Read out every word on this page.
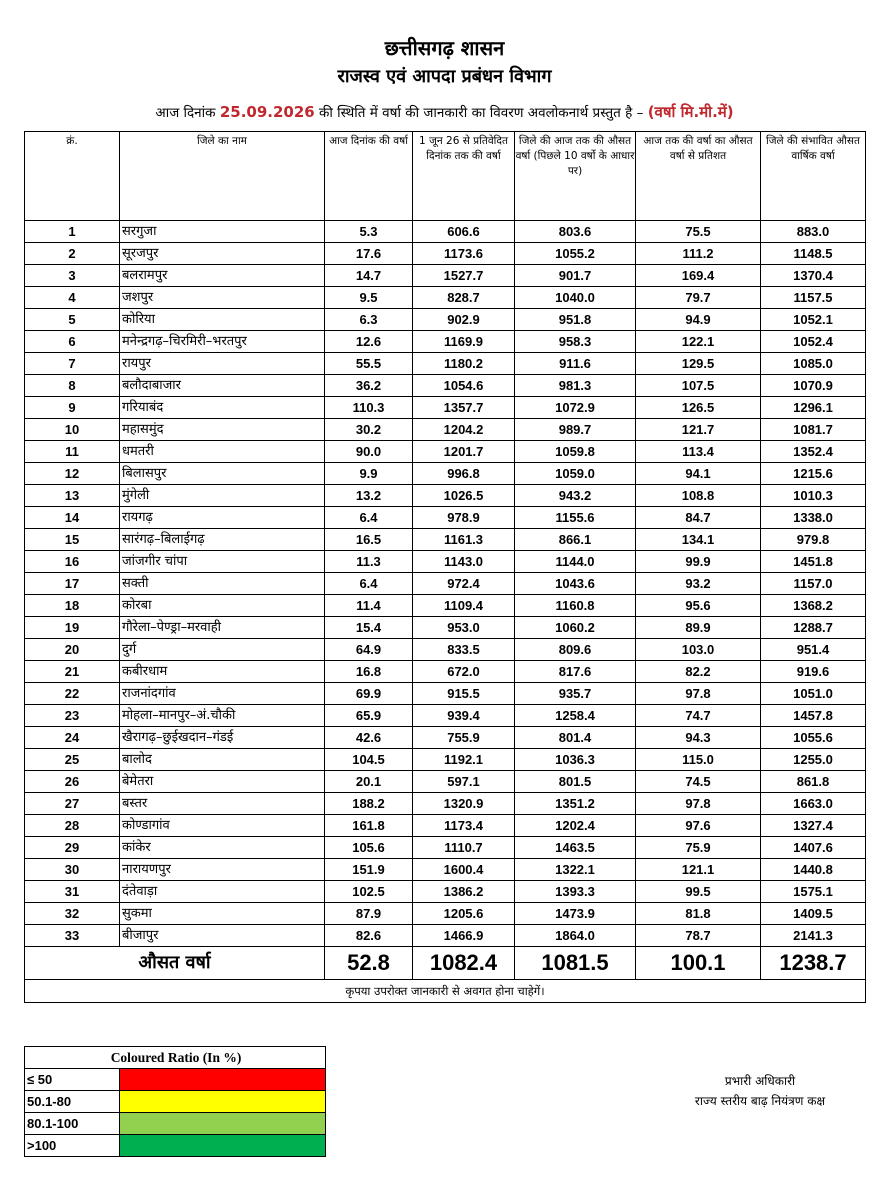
छत्तीसगढ़ शासन
राजस्व एवं आपदा प्रबंधन विभाग
आज दिनांक 25.09.2026 की स्थिति में वर्षा की जानकारी का विवरण अवलोकनार्थ प्रस्तुत है – (वर्षा मि.मी.में)
क्रं.	जिले का नाम	आज दिनांक की वर्षा	1 जून 26 से प्रतिवेदित दिनांक तक की वर्षा	जिले की आज तक की औसत वर्षा (पिछले 10 वर्षो के आधार पर)	आज तक की वर्षा का औसत वर्षा से प्रतिशत	जिले की संभावित औसत वार्षिक वर्षा
1	सरगुजा	5.3	606.6	803.6	75.5	883.0
2	सूरजपुर	17.6	1173.6	1055.2	111.2	1148.5
3	बलरामपुर	14.7	1527.7	901.7	169.4	1370.4
4	जशपुर	9.5	828.7	1040.0	79.7	1157.5
5	कोरिया	6.3	902.9	951.8	94.9	1052.1
6	मनेन्द्रगढ़–चिरमिरी–भरतपुर	12.6	1169.9	958.3	122.1	1052.4
7	रायपुर	55.5	1180.2	911.6	129.5	1085.0
8	बलौदाबाजार	36.2	1054.6	981.3	107.5	1070.9
9	गरियाबंद	110.3	1357.7	1072.9	126.5	1296.1
10	महासमुंद	30.2	1204.2	989.7	121.7	1081.7
11	धमतरी	90.0	1201.7	1059.8	113.4	1352.4
12	बिलासपुर	9.9	996.8	1059.0	94.1	1215.6
13	मुंगेली	13.2	1026.5	943.2	108.8	1010.3
14	रायगढ़	6.4	978.9	1155.6	84.7	1338.0
15	सारंगढ़–बिलाईगढ़	16.5	1161.3	866.1	134.1	979.8
16	जांजगीर चांपा	11.3	1143.0	1144.0	99.9	1451.8
17	सक्ती	6.4	972.4	1043.6	93.2	1157.0
18	कोरबा	11.4	1109.4	1160.8	95.6	1368.2
19	गौरेला–पेण्ड्रा–मरवाही	15.4	953.0	1060.2	89.9	1288.7
20	दुर्ग	64.9	833.5	809.6	103.0	951.4
21	कबीरधाम	16.8	672.0	817.6	82.2	919.6
22	राजनांदगांव	69.9	915.5	935.7	97.8	1051.0
23	मोहला–मानपुर–अं.चौकी	65.9	939.4	1258.4	74.7	1457.8
24	खैरागढ़–छुईखदान–गंडई	42.6	755.9	801.4	94.3	1055.6
25	बालोद	104.5	1192.1	1036.3	115.0	1255.0
26	बेमेतरा	20.1	597.1	801.5	74.5	861.8
27	बस्तर	188.2	1320.9	1351.2	97.8	1663.0
28	कोण्डागांव	161.8	1173.4	1202.4	97.6	1327.4
29	कांकेर	105.6	1110.7	1463.5	75.9	1407.6
30	नारायणपुर	151.9	1600.4	1322.1	121.1	1440.8
31	दंतेवाड़ा	102.5	1386.2	1393.3	99.5	1575.1
32	सुकमा	87.9	1205.6	1473.9	81.8	1409.5
33	बीजापुर	82.6	1466.9	1864.0	78.7	2141.3
औसत वर्षा		52.8	1082.4	1081.5	100.1	1238.7
कृपया उपरोक्त जानकारी से अवगत होना चाहेगें।						
Coloured Ratio (In %)	
≤ 50	
50.1-80	
80.1-100	
>100	
प्रभारी अधिकारी
राज्य स्तरीय बाढ़ नियंत्रण कक्ष
